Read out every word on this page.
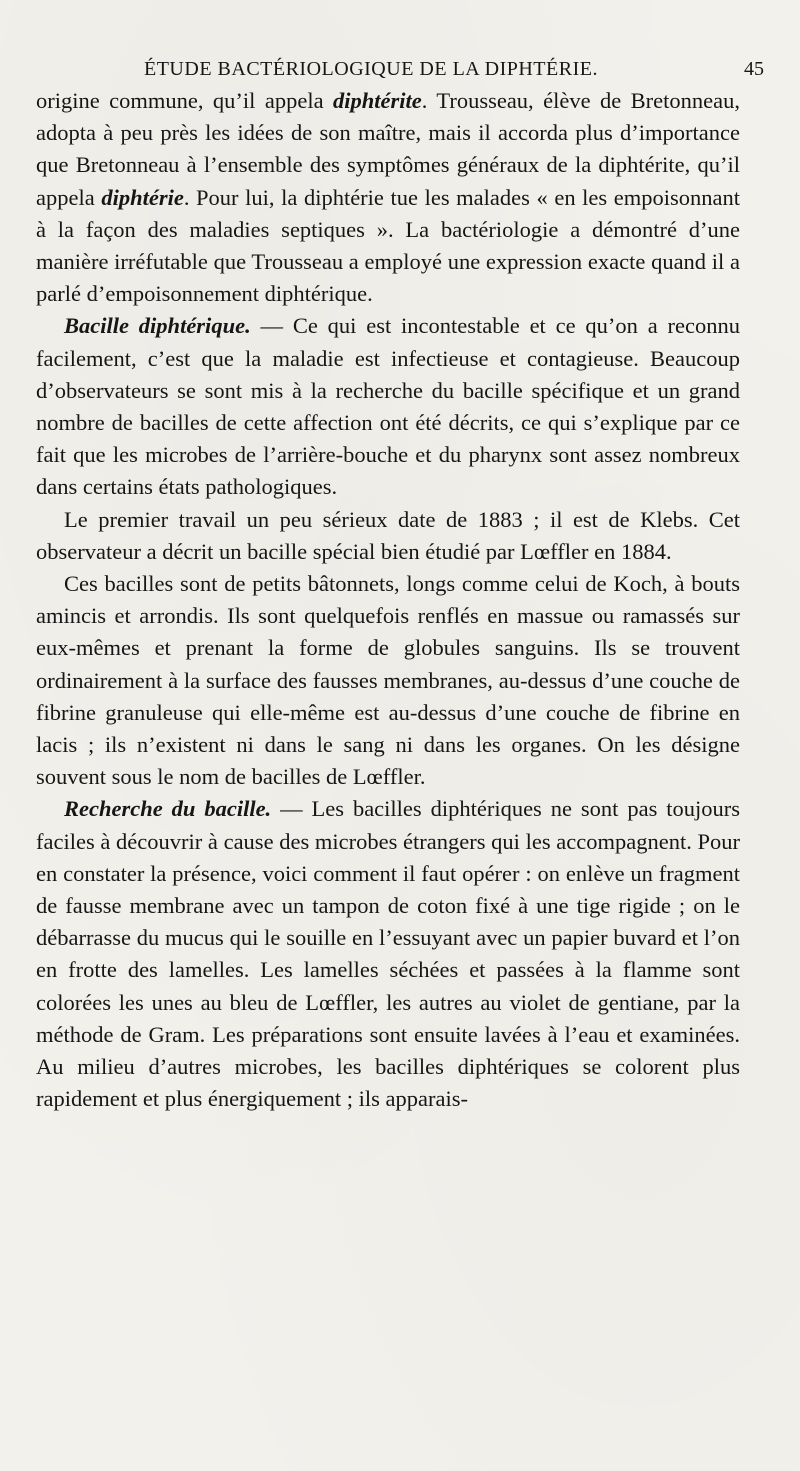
ÉTUDE BACTÉRIOLOGIQUE DE LA DIPHTÉRIE.	45

origine commune, qu’il appela diphtérite. Trousseau, élève de Bretonneau, adopta à peu près les idées de son maître, mais il accorda plus d’importance que Bretonneau à l’ensemble des symptômes généraux de la diphtérite, qu’il appela diphtérie. Pour lui, la diphtérie tue les malades « en les empoisonnant à la façon des maladies septiques ». La bactériologie a démontré d’une manière irréfutable que Trousseau a employé une expression exacte quand il a parlé d’empoisonnement diphtérique.

Bacille diphtérique. — Ce qui est incontestable et ce qu’on a reconnu facilement, c’est que la maladie est infectieuse et contagieuse. Beaucoup d’observateurs se sont mis à la recherche du bacille spécifique et un grand nombre de bacilles de cette affection ont été décrits, ce qui s’explique par ce fait que les microbes de l’arrière-bouche et du pharynx sont assez nombreux dans certains états pathologiques.

Le premier travail un peu sérieux date de 1883 ; il est de Klebs. Cet observateur a décrit un bacille spécial bien étudié par Lœffler en 1884.

Ces bacilles sont de petits bâtonnets, longs comme celui de Koch, à bouts amincis et arrondis. Ils sont quelquefois renflés en massue ou ramassés sur eux-mêmes et prenant la forme de globules sanguins. Ils se trouvent ordinairement à la surface des fausses membranes, au-dessus d’une couche de fibrine granuleuse qui elle-même est au-dessus d’une couche de fibrine en lacis ; ils n’existent ni dans le sang ni dans les organes. On les désigne souvent sous le nom de bacilles de Lœffler.

Recherche du bacille. — Les bacilles diphtériques ne sont pas toujours faciles à découvrir à cause des microbes étrangers qui les accompagnent. Pour en constater la présence, voici comment il faut opérer : on enlève un fragment de fausse membrane avec un tampon de coton fixé à une tige rigide ; on le débarrasse du mucus qui le souille en l’essuyant avec un papier buvard et l’on en frotte des lamelles. Les lamelles séchées et passées à la flamme sont colorées les unes au bleu de Lœffler, les autres au violet de gentiane, par la méthode de Gram. Les préparations sont ensuite lavées à l’eau et examinées. Au milieu d’autres microbes, les bacilles diphtériques se colorent plus rapidement et plus énergiquement ; ils apparais-
